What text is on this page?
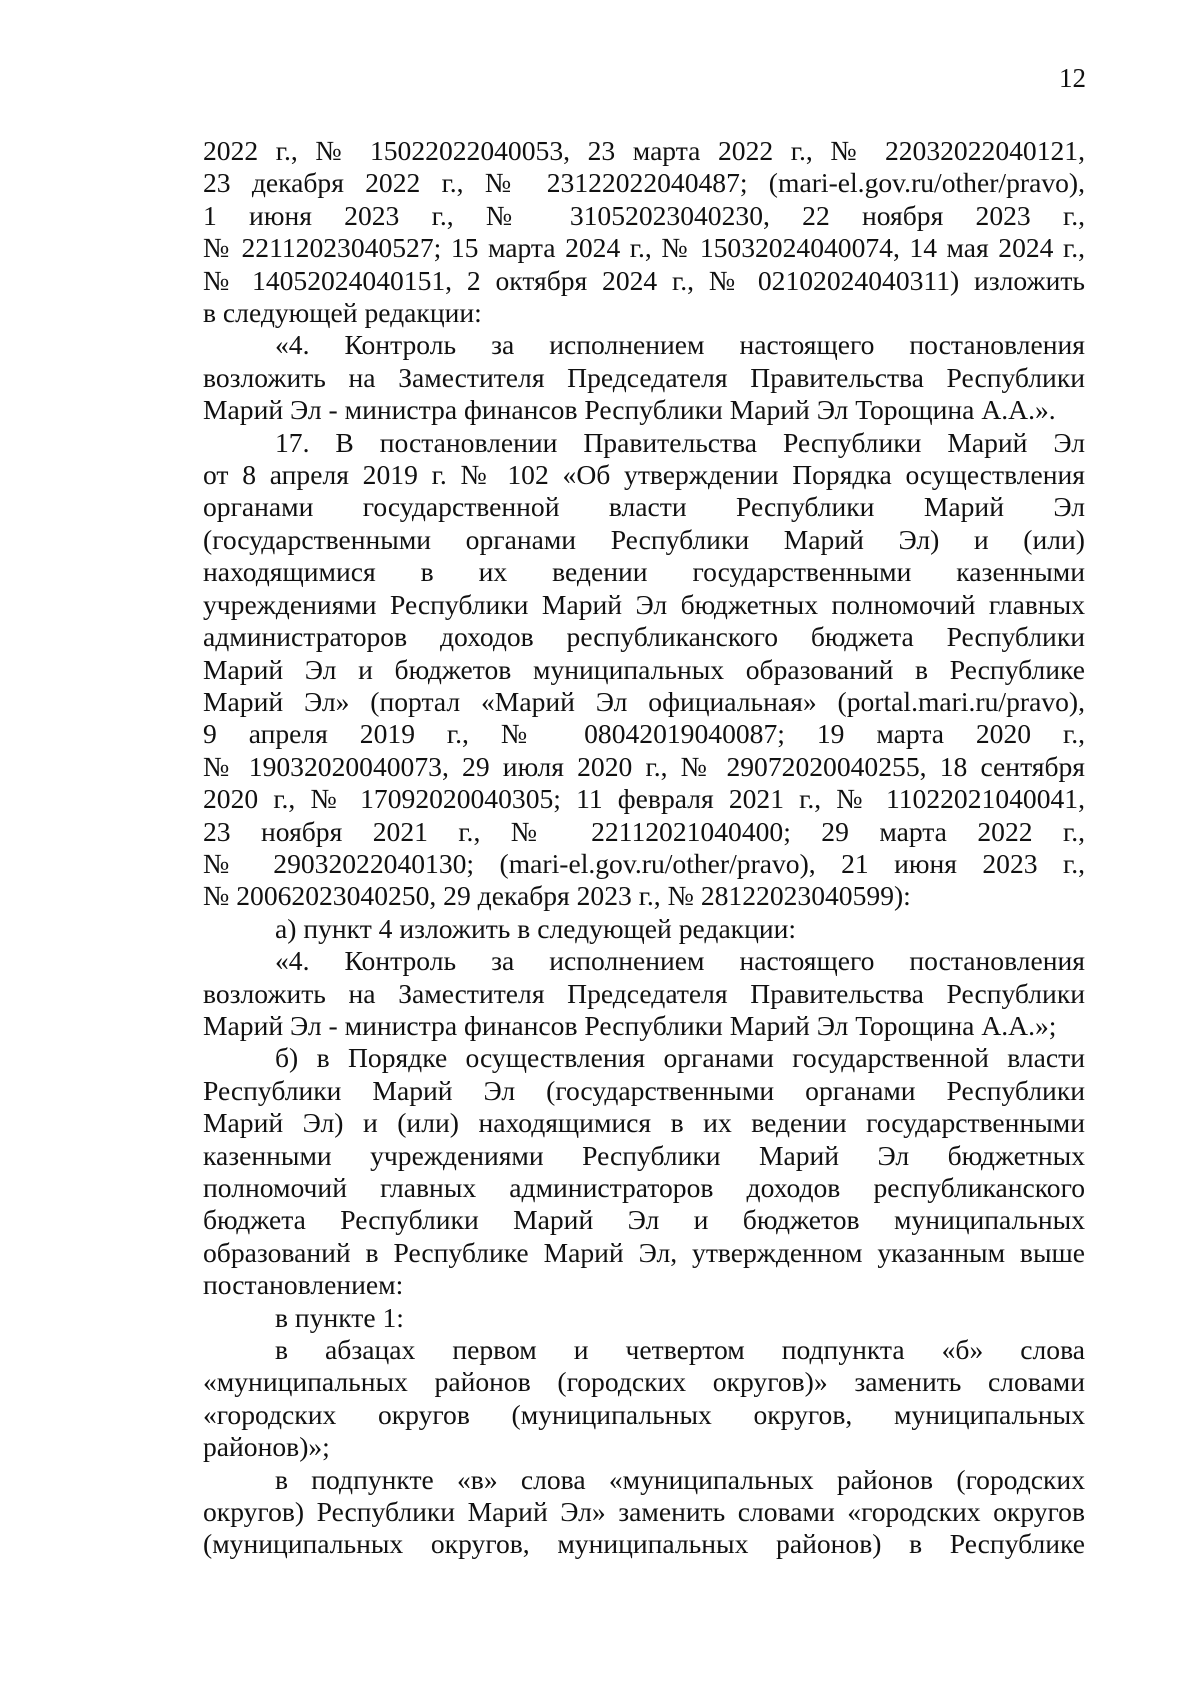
12

2022 г., № 15022022040053, 23 марта 2022 г., № 22032022040121,

23 декабря 2022 г., № 23122022040487; (mari-el.gov.ru/other/pravo),

1 июня 2023 г., № 31052023040230, 22 ноября 2023 г.,

№ 22112023040527; 15 марта 2024 г., № 15032024040074, 14 мая 2024 г.,

№ 14052024040151, 2 октября 2024 г., № 02102024040311) изложить

в следующей редакции:

«4. Контроль за исполнением настоящего постановления

возложить на Заместителя Председателя Правительства Республики

Марий Эл - министра финансов Республики Марий Эл Торощина А.А.».

17. В постановлении Правительства Республики Марий Эл

от 8 апреля 2019 г. № 102 «Об утверждении Порядка осуществления

органами государственной власти Республики Марий Эл

(государственными органами Республики Марий Эл) и (или)

находящимися в их ведении государственными казенными

учреждениями Республики Марий Эл бюджетных полномочий главных

администраторов доходов республиканского бюджета Республики

Марий Эл и бюджетов муниципальных образований в Республике

Марий Эл» (портал «Марий Эл официальная» (portal.mari.ru/pravo),

9 апреля 2019 г., № 08042019040087; 19 марта 2020 г.,

№ 19032020040073, 29 июля 2020 г., № 29072020040255, 18 сентября

2020 г., № 17092020040305; 11 февраля 2021 г., № 11022021040041,

23 ноября 2021 г., № 22112021040400; 29 марта 2022 г.,

№ 29032022040130; (mari-el.gov.ru/other/pravo), 21 июня 2023 г.,

№ 20062023040250, 29 декабря 2023 г., № 28122023040599):

а) пункт 4 изложить в следующей редакции:

«4. Контроль за исполнением настоящего постановления

возложить на Заместителя Председателя Правительства Республики

Марий Эл - министра финансов Республики Марий Эл Торощина А.А.»;

б) в Порядке осуществления органами государственной власти

Республики Марий Эл (государственными органами Республики

Марий Эл) и (или) находящимися в их ведении государственными

казенными учреждениями Республики Марий Эл бюджетных

полномочий главных администраторов доходов республиканского

бюджета Республики Марий Эл и бюджетов муниципальных

образований в Республике Марий Эл, утвержденном указанным выше

постановлением:

в пункте 1:

в абзацах первом и четвертом подпункта «б» слова

«муниципальных районов (городских округов)» заменить словами

«городских округов (муниципальных округов, муниципальных

районов)»;

в подпункте «в» слова «муниципальных районов (городских

округов) Республики Марий Эл» заменить словами «городских округов

(муниципальных округов, муниципальных районов) в Республике
